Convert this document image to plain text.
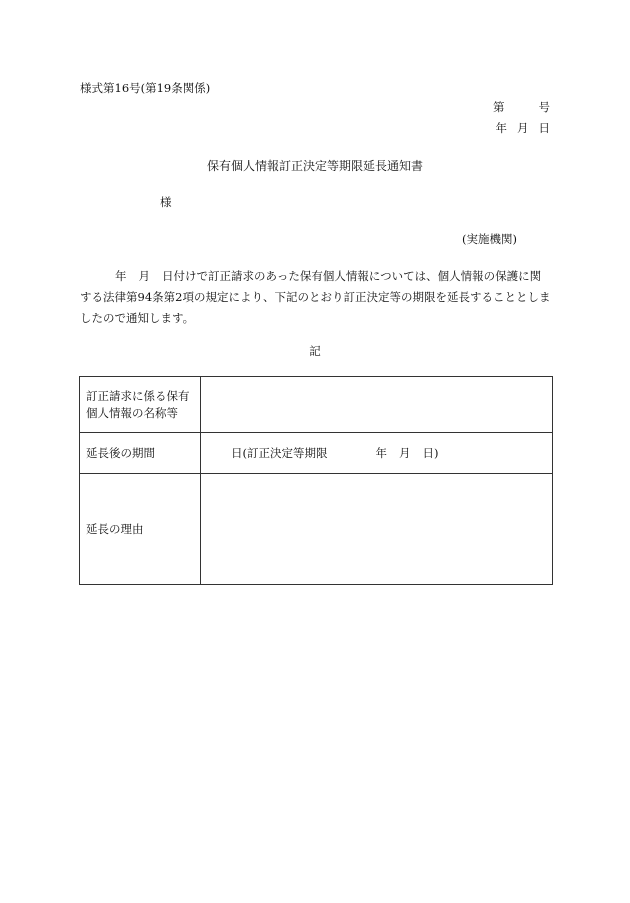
様式第16号(第19条関係)
第	号
年 月 日
保有個人情報訂正決定等期限延長通知書
様
(実施機関)
年 月 日付けで訂正請求のあった保有個人情報については、個人情報の保護に関する法律第94条第2項の規定により、下記のとおり訂正決定等の期限を延長することとしましたので通知します。
記
訂正請求に係る保有
個人情報の名称等	

延長後の期間	日(訂正決定等期限 年 月 日)
延長の理由	
